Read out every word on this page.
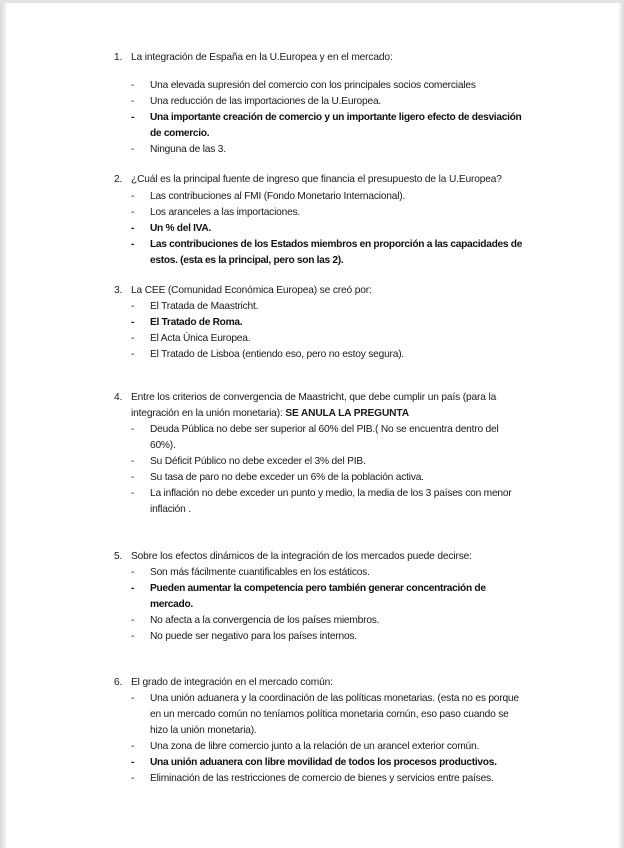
1. La integración de España en la U.Europea y en el mercado:
-	Una elevada supresión del comercio con los principales socios comerciales
-	Una reducción de las importaciones de la U.Europea.
-	Una importante creación de comercio y un importante ligero efecto de desviación de comercio.
-	Ninguna de las 3.
2. ¿Cuál es la principal fuente de ingreso que financia el presupuesto de la U.Europea?
-	Las contribuciones al FMI (Fondo Monetario Internacional).
-	Los aranceles a las importaciones.
-	Un % del IVA.
-	Las contribuciones de los Estados miembros en proporción a las capacidades de estos. (esta es la principal, pero son las 2).
3. La CEE (Comunidad Económica Europea) se creó por:
-	El Tratada de Maastricht.
-	El Tratado de Roma.
-	El Acta Única Europea.
-	El Tratado de Lisboa (entiendo eso, pero no estoy segura).
4. Entre los criterios de convergencia de Maastricht, que debe cumplir un país (para la integración en la unión monetaria): SE ANULA LA PREGUNTA
-	Deuda Pública no debe ser superior al 60% del PIB.( No se encuentra dentro del 60%).
-	Su Déficit Público no debe exceder el 3% del PIB.
-	Su tasa de paro no debe exceder un 6% de la población activa.
-	La inflación no debe exceder un punto y medio, la media de los 3 países con menor inflación .
5. Sobre los efectos dinámicos de la integración de los mercados puede decirse:
-	Son más fácilmente cuantificables en los estáticos.
-	Pueden aumentar la competencia pero también generar concentración de mercado.
-	No afecta a la convergencia de los países miembros.
-	No puede ser negativo para los países internos.
6. El grado de integración en el mercado común:
-	Una unión aduanera y la coordinación de las políticas monetarias. (esta no es porque en un mercado común no teníamos política monetaria común, eso paso cuando se hizo la unión monetaria).
-	Una zona de libre comercio junto a la relación de un arancel exterior común.
-	Una unión aduanera con libre movilidad de todos los procesos productivos.
-	Eliminación de las restricciones de comercio de bienes y servicios entre países.
